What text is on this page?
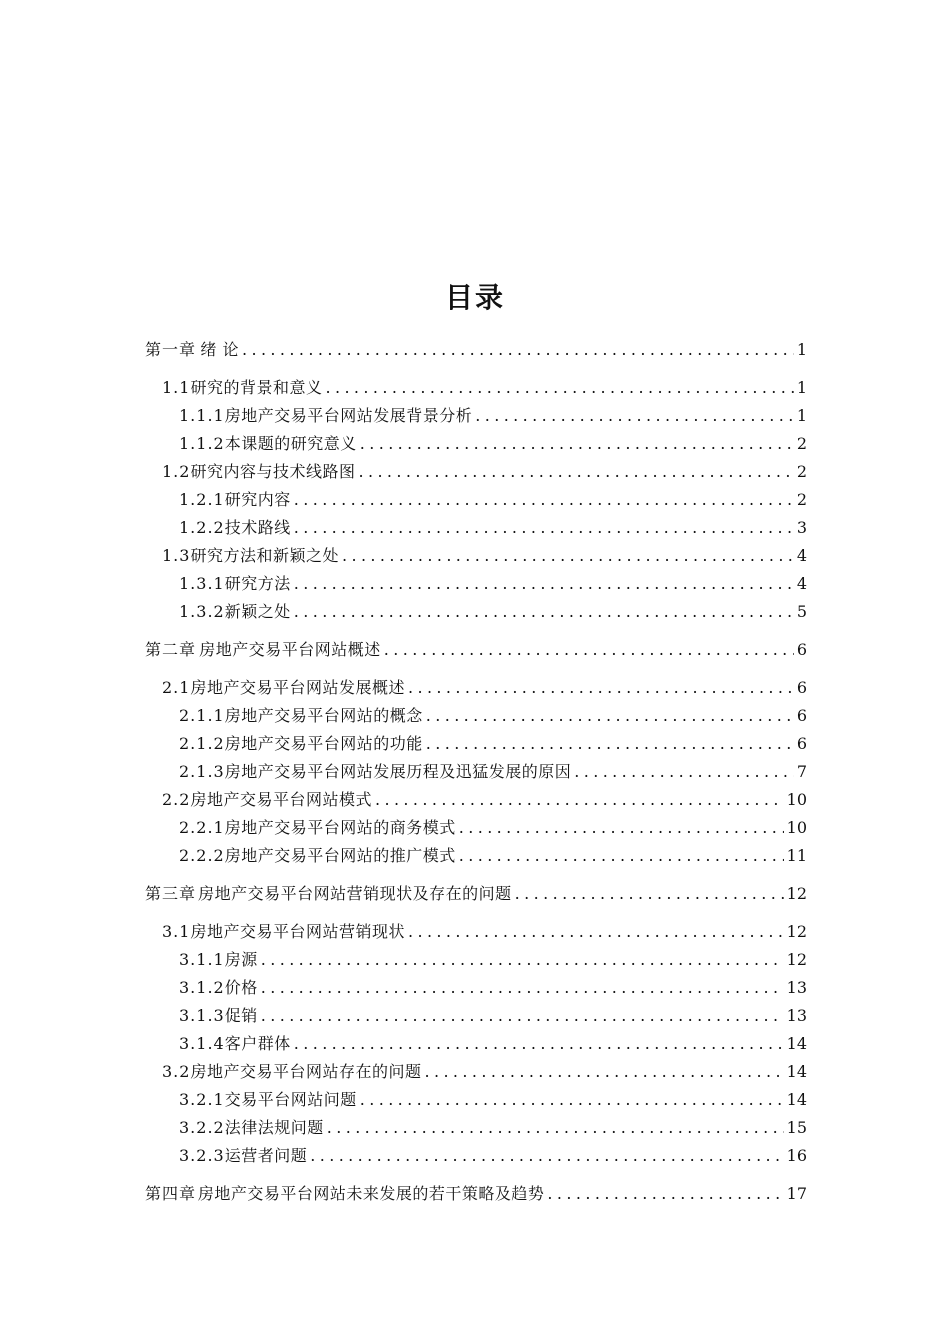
目录
第一章 绪 论 .....	1
1.1 研究的背景和意义 .....	1
1.1.1 房地产交易平台网站发展背景分析 .....	1
1.1.2 本课题的研究意义 .....	2
1.2 研究内容与技术线路图 .....	2
1.2.1 研究内容 .....	2
1.2.2 技术路线 .....	3
1.3 研究方法和新颖之处 .....	4
1.3.1 研究方法 .....	4
1.3.2 新颖之处 .....	5
第二章 房地产交易平台网站概述 .....	6
2.1 房地产交易平台网站发展概述 .....	6
2.1.1 房地产交易平台网站的概念 .....	6
2.1.2 房地产交易平台网站的功能 .....	6
2.1.3 房地产交易平台网站发展历程及迅猛发展的原因 .....	7
2.2 房地产交易平台网站模式 .....	10
2.2.1 房地产交易平台网站的商务模式 .....	10
2.2.2 房地产交易平台网站的推广模式 .....	11
第三章 房地产交易平台网站营销现状及存在的问题 .....	12
3.1 房地产交易平台网站营销现状 .....	12
3.1.1 房源 .....	12
3.1.2 价格 .....	13
3.1.3 促销 .....	13
3.1.4 客户群体 .....	14
3.2 房地产交易平台网站存在的问题 .....	14
3.2.1 交易平台网站问题 .....	14
3.2.2 法律法规问题 .....	15
3.2.3 运营者问题 .....	16
第四章 房地产交易平台网站未来发展的若干策略及趋势 .....	17
